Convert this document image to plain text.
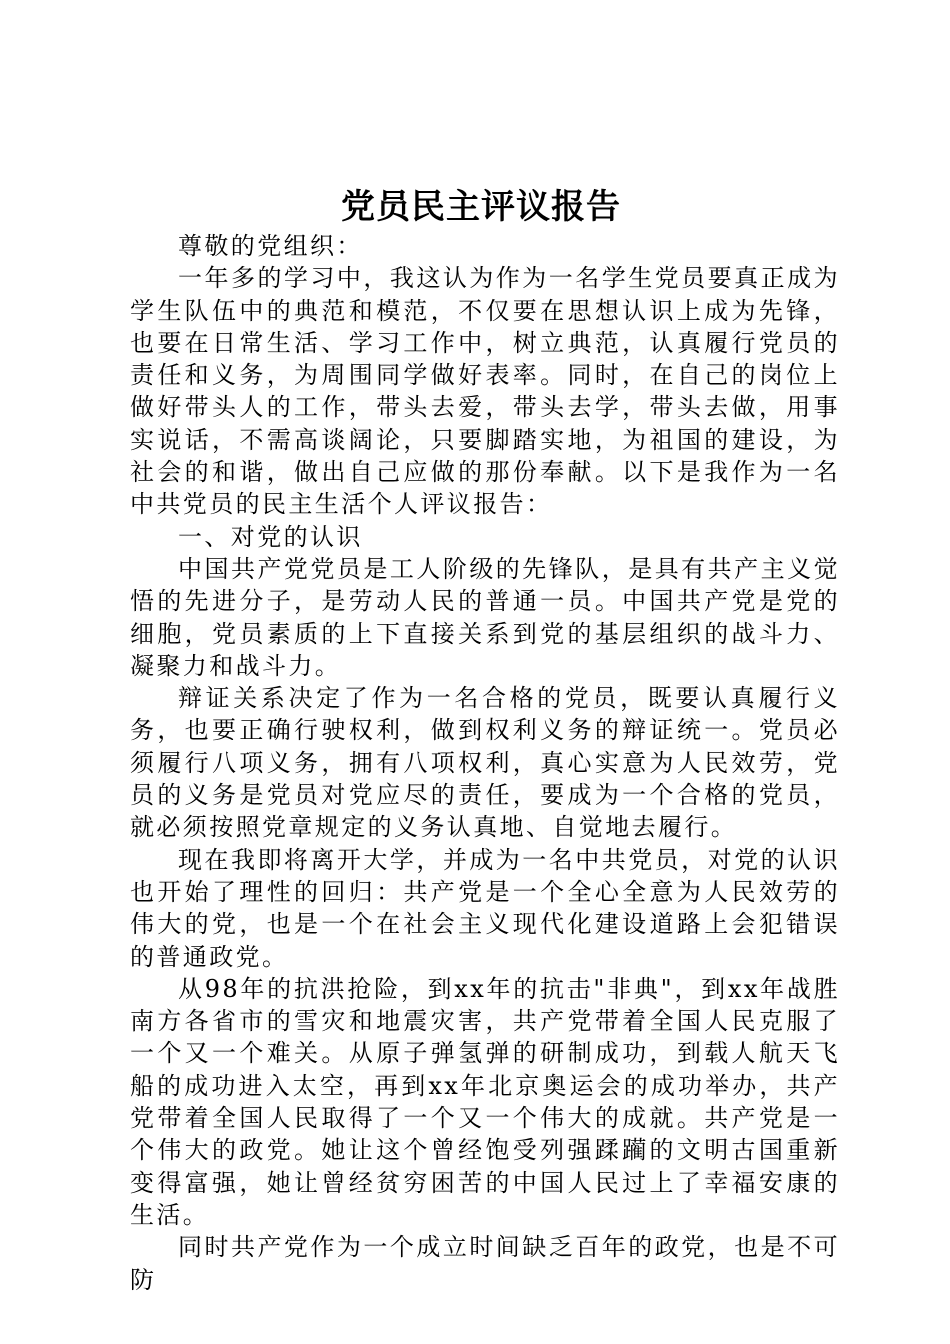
党员民主评议报告

尊敬的党组织：

一年多的学习中，我这认为作为一名学生党员要真正成为学生队伍中的典范和模范，不仅要在思想认识上成为先锋，也要在日常生活、学习工作中，树立典范，认真履行党员的责任和义务，为周围同学做好表率。同时，在自己的岗位上做好带头人的工作，带头去爱，带头去学，带头去做，用事实说话，不需高谈阔论，只要脚踏实地，为祖国的建设，为社会的和谐，做出自己应做的那份奉献。以下是我作为一名中共党员的民主生活个人评议报告：

一、对党的认识

中国共产党党员是工人阶级的先锋队，是具有共产主义觉悟的先进分子，是劳动人民的普通一员。中国共产党是党的细胞，党员素质的上下直接关系到党的基层组织的战斗力、凝聚力和战斗力。

辩证关系决定了作为一名合格的党员，既要认真履行义务，也要正确行驶权利，做到权利义务的辩证统一。党员必须履行八项义务，拥有八项权利，真心实意为人民效劳，党员的义务是党员对党应尽的责任，要成为一个合格的党员，就必须按照党章规定的义务认真地、自觉地去履行。

现在我即将离开大学，并成为一名中共党员，对党的认识也开始了理性的回归：共产党是一个全心全意为人民效劳的伟大的党，也是一个在社会主义现代化建设道路上会犯错误的普通政党。

从98年的抗洪抢险，到xx年的抗击"非典"，到xx年战胜南方各省市的雪灾和地震灾害，共产党带着全国人民克服了一个又一个难关。从原子弹氢弹的研制成功，到载人航天飞船的成功进入太空，再到xx年北京奥运会的成功举办，共产党带着全国人民取得了一个又一个伟大的成就。共产党是一个伟大的政党。她让这个曾经饱受列强蹂躏的文明古国重新变得富强，她让曾经贫穷困苦的中国人民过上了幸福安康的生活。

同时共产党作为一个成立时间缺乏百年的政党，也是不可防
